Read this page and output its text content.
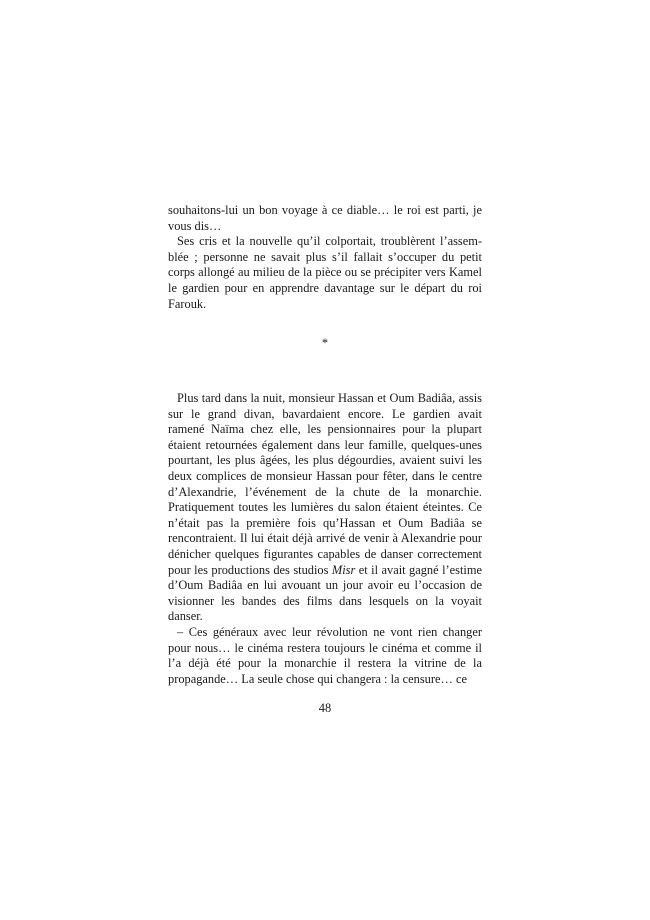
souhaitons-lui un bon voyage à ce diable… le roi est parti, je vous dis…

Ses cris et la nouvelle qu’il colportait, troublèrent l’assemblée ; personne ne savait plus s’il fallait s’occuper du petit corps allongé au milieu de la pièce ou se précipiter vers Kamel le gardien pour en apprendre davantage sur le départ du roi Farouk.

*

Plus tard dans la nuit, monsieur Hassan et Oum Badiâa, assis sur le grand divan, bavardaient encore. Le gardien avait ramené Naïma chez elle, les pensionnaires pour la plupart étaient retournées également dans leur famille, quelques-unes pourtant, les plus âgées, les plus dégourdies, avaient suivi les deux complices de monsieur Hassan pour fêter, dans le centre d’Alexandrie, l’événement de la chute de la monarchie. Pratiquement toutes les lumières du salon étaient éteintes. Ce n’était pas la première fois qu’Hassan et Oum Badiâa se rencontraient. Il lui était déjà arrivé de venir à Alexandrie pour dénicher quelques figurantes capables de danser correctement pour les productions des studios Misr et il avait gagné l’estime d’Oum Badiâa en lui avouant un jour avoir eu l’occasion de visionner les bandes des films dans lesquels on la voyait danser.

– Ces généraux avec leur révolution ne vont rien changer pour nous… le cinéma restera toujours le cinéma et comme il l’a déjà été pour la monarchie il restera la vitrine de la propagande… La seule chose qui changera : la censure… ce

48
